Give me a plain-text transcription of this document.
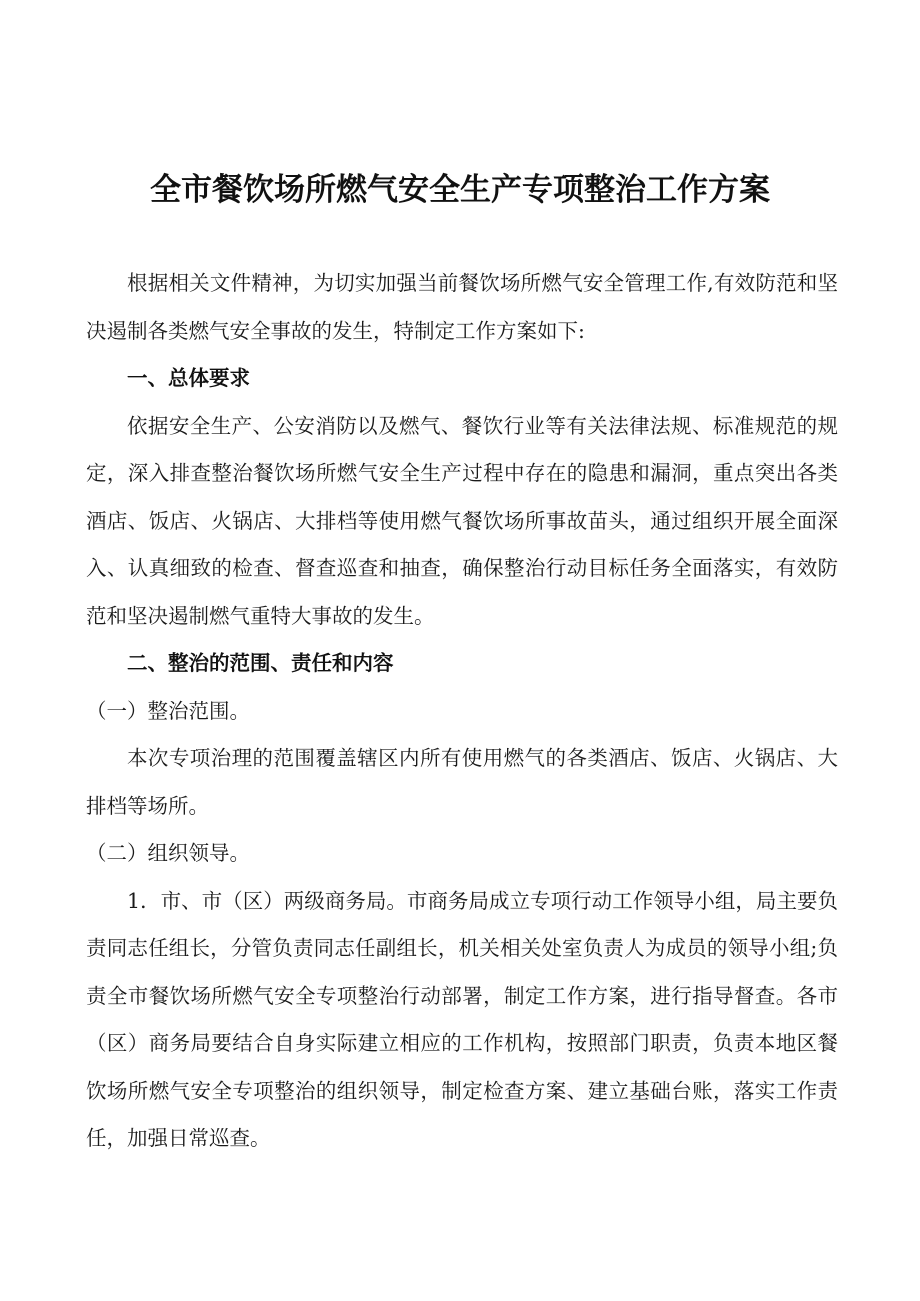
全市餐饮场所燃气安全生产专项整治工作方案

根据相关文件精神，为切实加强当前餐饮场所燃气安全管理工作,有效防范和坚决遏制各类燃气安全事故的发生，特制定工作方案如下:

一、总体要求

依据安全生产、公安消防以及燃气、餐饮行业等有关法律法规、标准规范的规定，深入排查整治餐饮场所燃气安全生产过程中存在的隐患和漏洞，重点突出各类酒店、饭店、火锅店、大排档等使用燃气餐饮场所事故苗头，通过组织开展全面深入、认真细致的检查、督查巡查和抽查，确保整治行动目标任务全面落实，有效防范和坚决遏制燃气重特大事故的发生。

二、整治的范围、责任和内容

（一）整治范围。

本次专项治理的范围覆盖辖区内所有使用燃气的各类酒店、饭店、火锅店、大排档等场所。

（二）组织领导。

1．市、市（区）两级商务局。市商务局成立专项行动工作领导小组，局主要负责同志任组长，分管负责同志任副组长，机关相关处室负责人为成员的领导小组;负责全市餐饮场所燃气安全专项整治行动部署，制定工作方案，进行指导督查。各市（区）商务局要结合自身实际建立相应的工作机构，按照部门职责，负责本地区餐饮场所燃气安全专项整治的组织领导，制定检查方案、建立基础台账，落实工作责任，加强日常巡查。
